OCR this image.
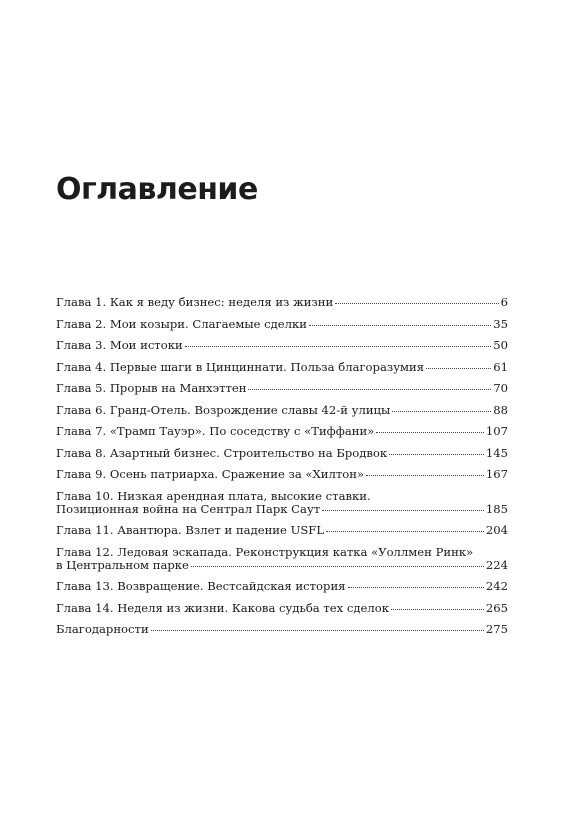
Оглавление
Глава 1. Как я веду бизнес: неделя из жизни	6
Глава 2. Мои козыри. Слагаемые сделки	35
Глава 3. Мои истоки	50
Глава 4. Первые шаги в Цинциннати. Польза благоразумия	61
Глава 5. Прорыв на Манхэттен	70
Глава 6. Гранд-Отель. Возрождение славы 42-й улицы	88
Глава 7. «Трамп Тауэр». По соседству с «Тиффани»	107
Глава 8. Азартный бизнес. Строительство на Бродвок	145
Глава 9. Осень патриарха. Сражение за «Хилтон»	167
Глава 10. Низкая арендная плата, высокие ставки.
Позиционная война на Сентрал Парк Саут	185
Глава 11. Авантюра. Взлет и падение USFL	204
Глава 12. Ледовая эскапада. Реконструкция катка «Уоллмен Ринк»
в Центральном парке	224
Глава 13. Возвращение. Вестсайдская история	242
Глава 14. Неделя из жизни. Какова судьба тех сделок	265
Благодарности	275
